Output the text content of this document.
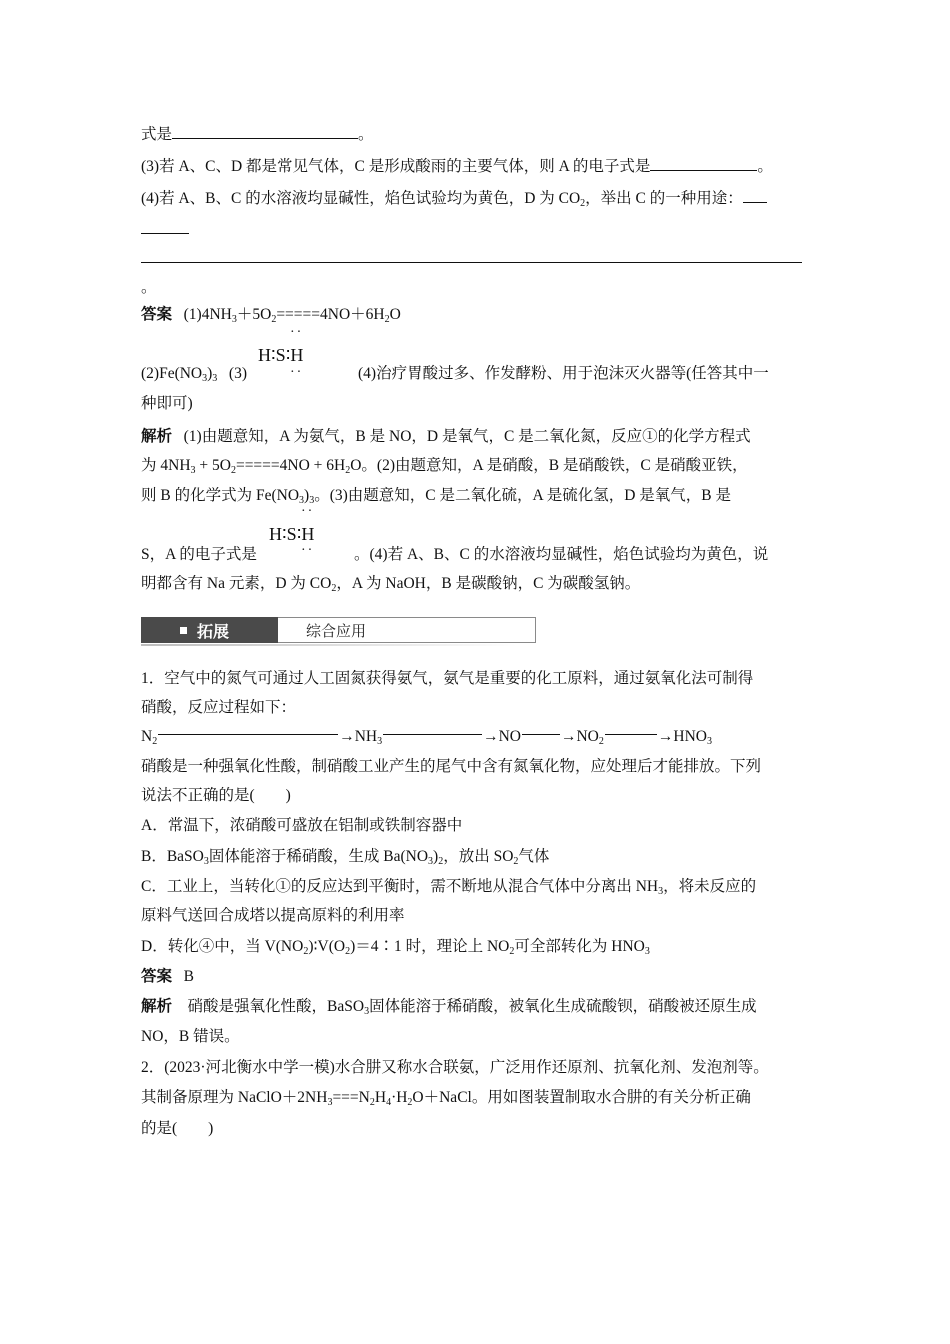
式是	。
(3)若 A、C、D 都是常见气体，C 是形成酸雨的主要气体，则 A 的电子式是	。
(4)若 A、B、C 的水溶液均显碱性，焰色试验均为黄色，D 为 $CO_2$，举出 C 的一种用途：
。
答案 $(1)4NH_3+5O_2=====4NO+6H_2O$
··
H∶S∶H
··
$(2)Fe(NO_3)_3$ (3)	(4)治疗胃酸过多、作发酵粉、用于泡沫灭火器等(任答其中一
种即可)
解析 (1)由题意知，A 为氨气，B 是 NO，D 是氧气，C 是二氧化氮，反应①的化学方程式
为 $4NH_3 + 5O_2=====4NO + 6H_2O$。(2)由题意知，A 是硝酸，B 是硝酸铁，C 是硝酸亚铁，
则 B 的化学式为 $Fe(NO_3)_3$。(3)由题意知，C 是二氧化硫，A 是硫化氢，D 是氧气，B 是
··
H∶S∶H
··
S，A 的电子式是	。(4)若 A、B、C 的水溶液均显碱性，焰色试验均为黄色，说
明都含有 Na 元素，D 为 $CO_2$，A 为 NaOH，B 是碳酸钠，C 为碳酸氢钠。
拓展	综合应用
1．空气中的氮气可通过人工固氮获得氨气，氨气是重要的化工原料，通过氨氧化法可制得
硝酸，反应过程如下：
$N_2$	$\to NH_3$	→NO	$\to NO_2$	$\to HNO_3$
硝酸是一种强氧化性酸，制硝酸工业产生的尾气中含有氮氧化物，应处理后才能排放。下列
说法不正确的是(　　)
A．常温下，浓硝酸可盛放在铝制或铁制容器中
B．BaSO$_3$固体能溶于稀硝酸，生成 $Ba(NO_3)_2$，放出 $SO_2$气体
C．工业上，当转化①的反应达到平衡时，需不断地从混合气体中分离出 $NH_3$，将未反应的
原料气送回合成塔以提高原料的利用率
D．转化④中，当 $V(NO_2)∶V(O_2)=4∶1$ 时，理论上 $NO_2$可全部转化为 $HNO_3$
答案 B
解析 硝酸是强氧化性酸，BaSO$_3$固体能溶于稀硝酸，被氧化生成硫酸钡，硝酸被还原生成
NO，B 错误。
2．(2023·河北衡水中学一模)水合肼又称水合联氨，广泛用作还原剂、抗氧化剂、发泡剂等。
其制备原理为 $NaClO+2NH_3===N_2H_4\cdot H_2O+NaCl$。用如图装置制取水合肼的有关分析正确
的是(　　)
